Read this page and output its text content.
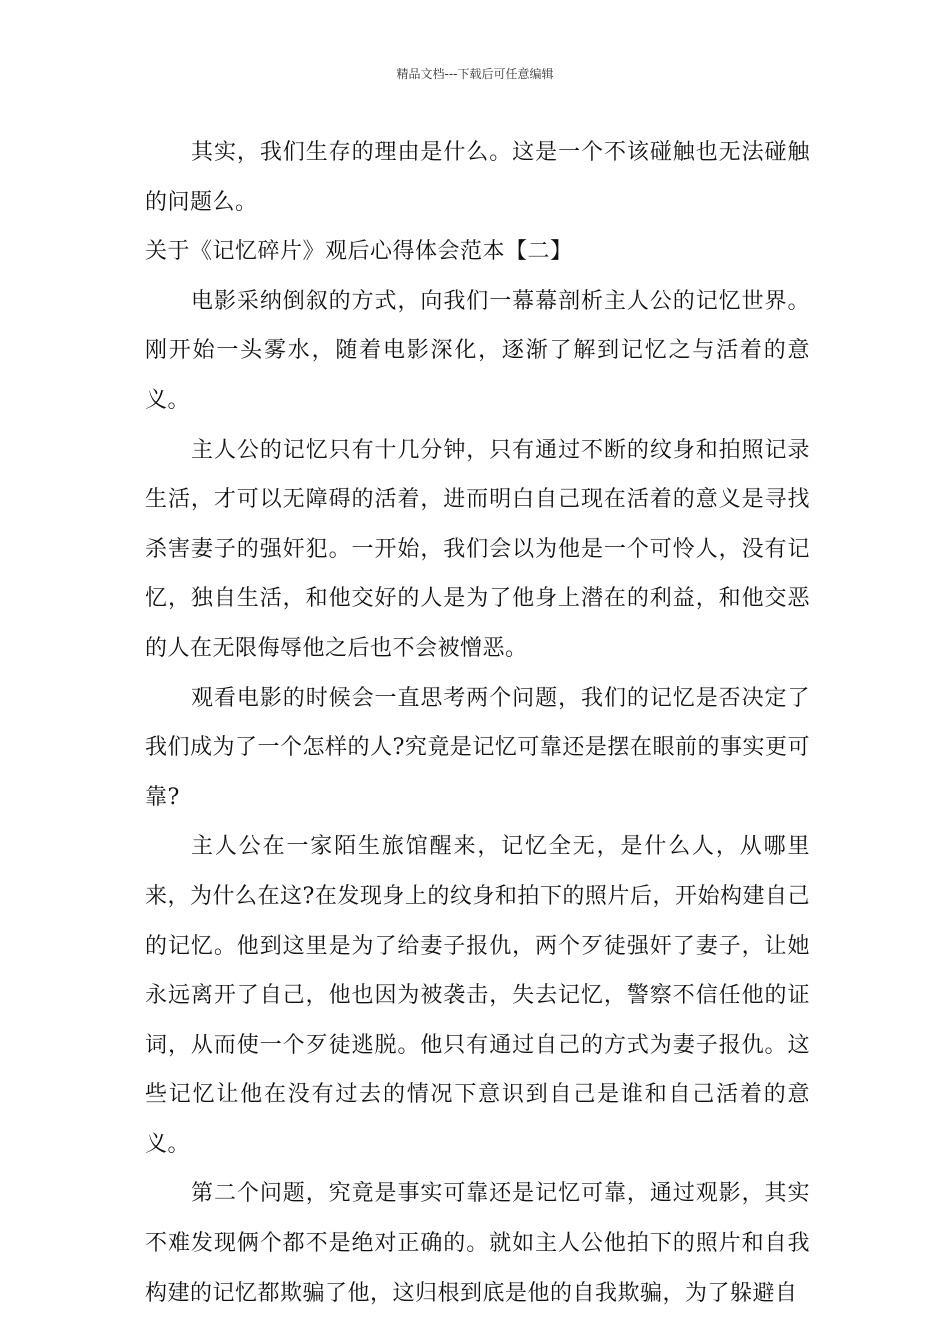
精品文档---下载后可任意编辑

其实，我们生存的理由是什么。这是一个不该碰触也无法碰触的问题么。

关于《记忆碎片》观后心得体会范本【二】

电影采纳倒叙的方式，向我们一幕幕剖析主人公的记忆世界。刚开始一头雾水，随着电影深化，逐渐了解到记忆之与活着的意义。

主人公的记忆只有十几分钟，只有通过不断的纹身和拍照记录生活，才可以无障碍的活着，进而明白自己现在活着的意义是寻找杀害妻子的强奸犯。一开始，我们会以为他是一个可怜人，没有记忆，独自生活，和他交好的人是为了他身上潜在的利益，和他交恶的人在无限侮辱他之后也不会被憎恶。

观看电影的时候会一直思考两个问题，我们的记忆是否决定了我们成为了一个怎样的人?究竟是记忆可靠还是摆在眼前的事实更可靠?

主人公在一家陌生旅馆醒来，记忆全无，是什么人，从哪里来，为什么在这?在发现身上的纹身和拍下的照片后，开始构建自己的记忆。他到这里是为了给妻子报仇，两个歹徒强奸了妻子，让她永远离开了自己，他也因为被袭击，失去记忆，警察不信任他的证词，从而使一个歹徒逃脱。他只有通过自己的方式为妻子报仇。这些记忆让他在没有过去的情况下意识到自己是谁和自己活着的意义。

第二个问题，究竟是事实可靠还是记忆可靠，通过观影，其实不难发现俩个都不是绝对正确的。就如主人公他拍下的照片和自我构建的记忆都欺骗了他，这归根到底是他的自我欺骗，为了躲避自
